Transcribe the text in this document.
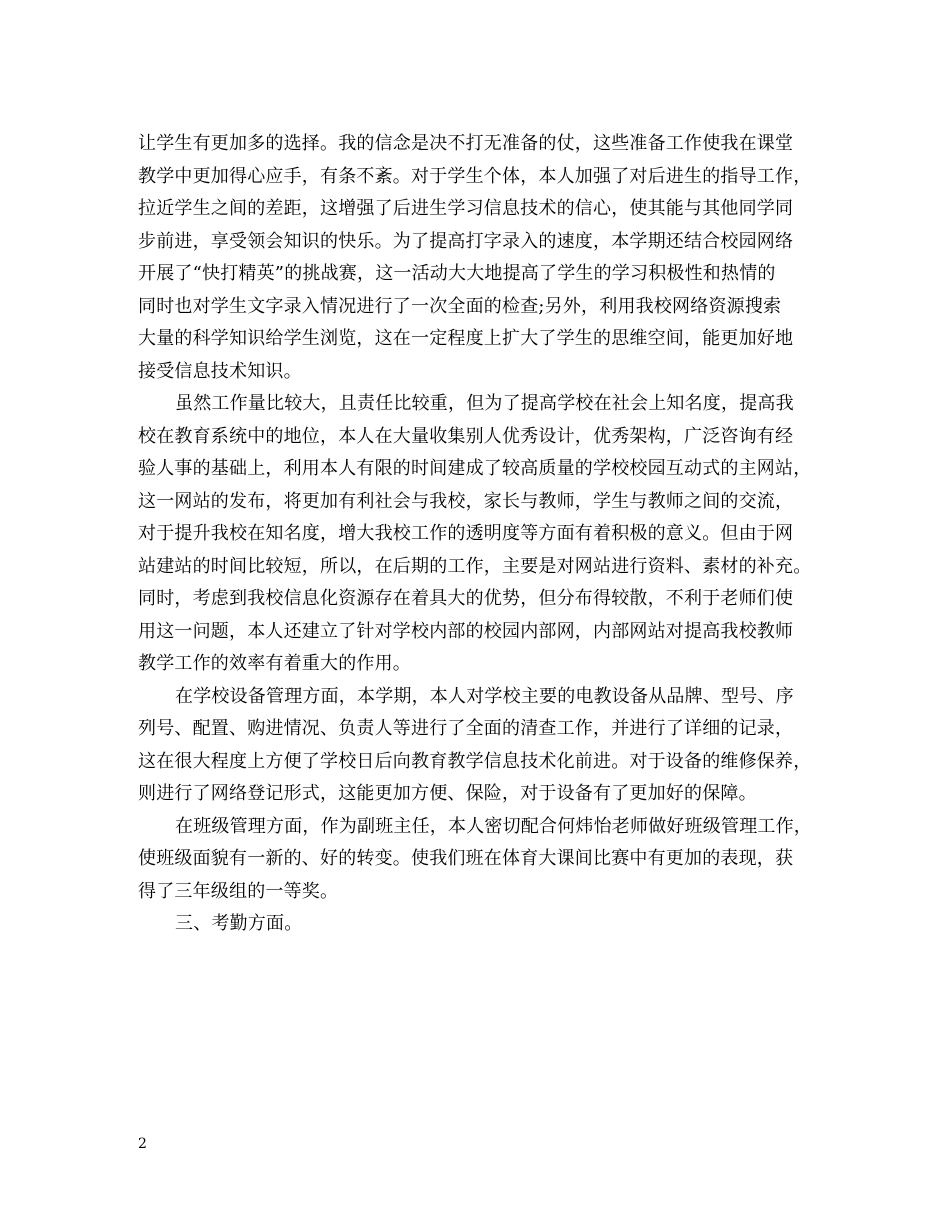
让学生有更加多的选择。我的信念是决不打无准备的仗，这些准备工作使我在课堂
教学中更加得心应手，有条不紊。对于学生个体，本人加强了对后进生的指导工作，
拉近学生之间的差距，这增强了后进生学习信息技术的信心，使其能与其他同学同
步前进，享受领会知识的快乐。为了提高打字录入的速度，本学期还结合校园网络
开展了“快打精英”的挑战赛，这一活动大大地提高了学生的学习积极性和热情的
同时也对学生文字录入情况进行了一次全面的检查;另外，利用我校网络资源搜索
大量的科学知识给学生浏览，这在一定程度上扩大了学生的思维空间，能更加好地
接受信息技术知识。
虽然工作量比较大，且责任比较重，但为了提高学校在社会上知名度，提高我
校在教育系统中的地位，本人在大量收集别人优秀设计，优秀架构，广泛咨询有经
验人事的基础上，利用本人有限的时间建成了较高质量的学校校园互动式的主网站，
这一网站的发布，将更加有利社会与我校，家长与教师，学生与教师之间的交流，
对于提升我校在知名度，增大我校工作的透明度等方面有着积极的意义。但由于网
站建站的时间比较短，所以，在后期的工作，主要是对网站进行资料、素材的补充。
同时，考虑到我校信息化资源存在着具大的优势，但分布得较散，不利于老师们使
用这一问题，本人还建立了针对学校内部的校园内部网，内部网站对提高我校教师
教学工作的效率有着重大的作用。
在学校设备管理方面，本学期，本人对学校主要的电教设备从品牌、型号、序
列号、配置、购进情况、负责人等进行了全面的清查工作，并进行了详细的记录，
这在很大程度上方便了学校日后向教育教学信息技术化前进。对于设备的维修保养，
则进行了网络登记形式，这能更加方便、保险，对于设备有了更加好的保障。
在班级管理方面，作为副班主任，本人密切配合何炜怡老师做好班级管理工作，
使班级面貌有一新的、好的转变。使我们班在体育大课间比赛中有更加的表现，获
得了三年级组的一等奖。
三、考勤方面。
2
